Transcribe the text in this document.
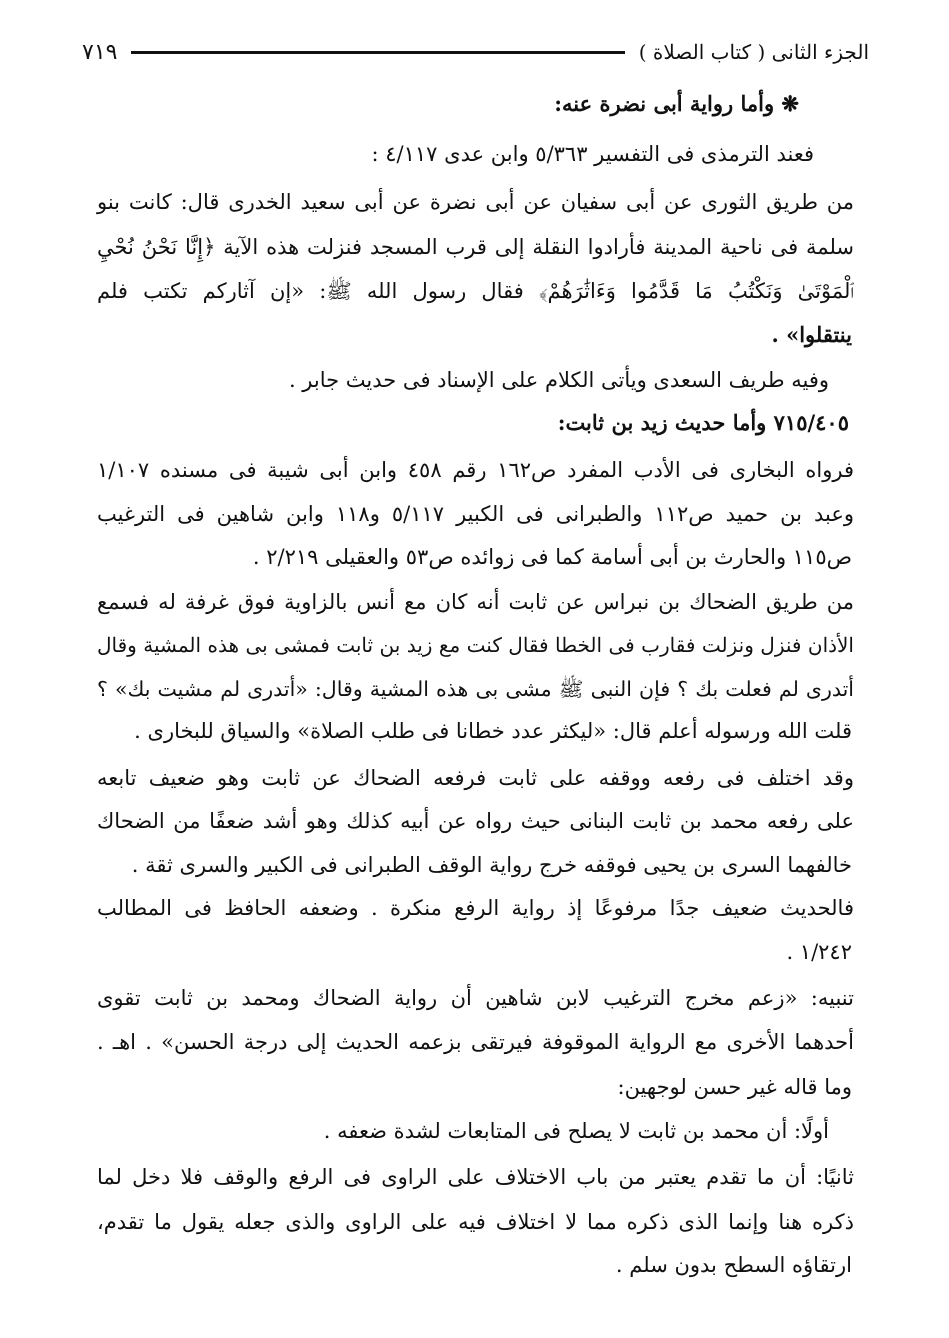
الجزء الثانى ( كتاب الصلاة )
٧١٩
❋ وأما رواية أبى نضرة عنه:
فعند الترمذى فى التفسير ٥/٣٦٣ وابن عدى ٤/١١٧ :
من طريق الثورى عن أبى سفيان عن أبى نضرة عن أبى سعيد الخدرى قال: كانت بنو
سلمة فى ناحية المدينة فأرادوا النقلة إلى قرب المسجد فنزلت هذه الآية ﴿إِنَّا نَحْنُ نُحْيِ
ٱلْمَوْتَىٰ وَنَكْتُبُ مَا قَدَّمُوا وَءَاثَٰرَهُمْ﴾ فقال رسول الله ﷺ: «إن آثاركم تكتب فلم
ينتقلوا» .
وفيه طريف السعدى ويأتى الكلام على الإسناد فى حديث جابر .
٧١٥/٤٠٥ وأما حديث زيد بن ثابت:
فرواه البخارى فى الأدب المفرد ص١٦٢ رقم ٤٥٨ وابن أبى شيبة فى مسنده ١/١٠٧
وعبد بن حميد ص١١٢ والطبرانى فى الكبير ٥/١١٧ و١١٨ وابن شاهين فى الترغيب
ص١١٥ والحارث بن أبى أسامة كما فى زوائده ص٥٣ والعقيلى ٢/٢١٩ .
من طريق الضحاك بن نبراس عن ثابت أنه كان مع أنس بالزاوية فوق غرفة له فسمع
الأذان فنزل ونزلت فقارب فى الخطا فقال كنت مع زيد بن ثابت فمشى بى هذه المشية وقال
أتدرى لم فعلت بك ؟ فإن النبى ﷺ مشى بى هذه المشية وقال: «أتدرى لم مشيت بك» ؟
قلت الله ورسوله أعلم قال: «ليكثر عدد خطانا فى طلب الصلاة» والسياق للبخارى .
وقد اختلف فى رفعه ووقفه على ثابت فرفعه الضحاك عن ثابت وهو ضعيف تابعه
على رفعه محمد بن ثابت البنانى حيث رواه عن أبيه كذلك وهو أشد ضعفًا من الضحاك
خالفهما السرى بن يحيى فوقفه خرج رواية الوقف الطبرانى فى الكبير والسرى ثقة .
فالحديث ضعيف جدًا مرفوعًا إذ رواية الرفع منكرة . وضعفه الحافظ فى المطالب
١/٢٤٢ .
تنبيه: «زعم مخرج الترغيب لابن شاهين أن رواية الضحاك ومحمد بن ثابت تقوى
أحدهما الأخرى مع الرواية الموقوفة فيرتقى بزعمه الحديث إلى درجة الحسن» . اهـ .
وما قاله غير حسن لوجهين:
أولًا: أن محمد بن ثابت لا يصلح فى المتابعات لشدة ضعفه .
ثانيًا: أن ما تقدم يعتبر من باب الاختلاف على الراوى فى الرفع والوقف فلا دخل لما
ذكره هنا وإنما الذى ذكره مما لا اختلاف فيه على الراوى والذى جعله يقول ما تقدم،
ارتقاؤه السطح بدون سلم .
